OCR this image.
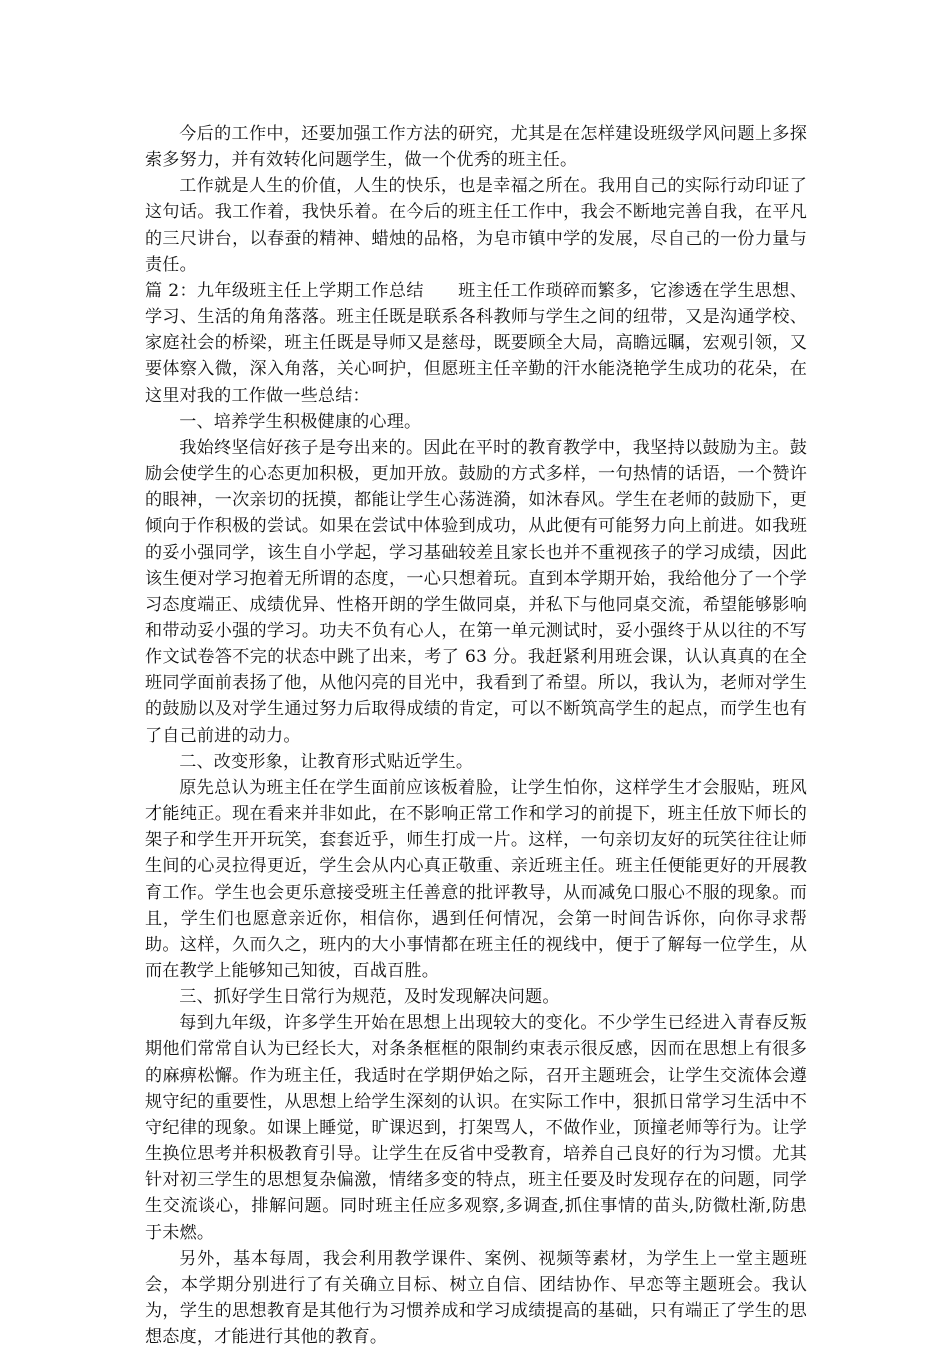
今后的工作中，还要加强工作方法的研究，尤其是在怎样建设班级学风问题上多探索多努力，并有效转化问题学生，做一个优秀的班主任。

工作就是人生的价值，人生的快乐，也是幸福之所在。我用自己的实际行动印证了这句话。我工作着，我快乐着。在今后的班主任工作中，我会不断地完善自我，在平凡的三尺讲台，以春蚕的精神、蜡烛的品格，为皂市镇中学的发展，尽自己的一份力量与责任。

篇 2：九年级班主任上学期工作总结 班主任工作琐碎而繁多，它渗透在学生思想、学习、生活的角角落落。班主任既是联系各科教师与学生之间的纽带，又是沟通学校、家庭社会的桥梁，班主任既是导师又是慈母，既要顾全大局，高瞻远瞩，宏观引领，又要体察入微，深入角落，关心呵护，但愿班主任辛勤的汗水能浇艳学生成功的花朵，在这里对我的工作做一些总结：

一、培养学生积极健康的心理。

我始终坚信好孩子是夸出来的。因此在平时的教育教学中，我坚持以鼓励为主。鼓励会使学生的心态更加积极，更加开放。鼓励的方式多样，一句热情的话语，一个赞许的眼神，一次亲切的抚摸，都能让学生心荡涟漪，如沐春风。学生在老师的鼓励下，更倾向于作积极的尝试。如果在尝试中体验到成功，从此便有可能努力向上前进。如我班的妥小强同学，该生自小学起，学习基础较差且家长也并不重视孩子的学习成绩，因此该生便对学习抱着无所谓的态度，一心只想着玩。直到本学期开始，我给他分了一个学习态度端正、成绩优异、性格开朗的学生做同桌，并私下与他同桌交流，希望能够影响和带动妥小强的学习。功夫不负有心人，在第一单元测试时，妥小强终于从以往的不写作文试卷答不完的状态中跳了出来，考了 63 分。我赶紧利用班会课，认认真真的在全班同学面前表扬了他，从他闪亮的目光中，我看到了希望。所以，我认为，老师对学生的鼓励以及对学生通过努力后取得成绩的肯定，可以不断筑高学生的起点，而学生也有了自己前进的动力。

二、改变形象，让教育形式贴近学生。

原先总认为班主任在学生面前应该板着脸，让学生怕你，这样学生才会服贴，班风才能纯正。现在看来并非如此，在不影响正常工作和学习的前提下，班主任放下师长的架子和学生开开玩笑，套套近乎，师生打成一片。这样，一句亲切友好的玩笑往往让师生间的心灵拉得更近，学生会从内心真正敬重、亲近班主任。班主任便能更好的开展教育工作。学生也会更乐意接受班主任善意的批评教导，从而减免口服心不服的现象。而且，学生们也愿意亲近你，相信你，遇到任何情况，会第一时间告诉你，向你寻求帮助。这样，久而久之，班内的大小事情都在班主任的视线中，便于了解每一位学生，从而在教学上能够知己知彼，百战百胜。

三、抓好学生日常行为规范，及时发现解决问题。

每到九年级，许多学生开始在思想上出现较大的变化。不少学生已经进入青春反叛期他们常常自认为已经长大，对条条框框的限制约束表示很反感，因而在思想上有很多的麻痹松懈。作为班主任，我适时在学期伊始之际，召开主题班会，让学生交流体会遵规守纪的重要性，从思想上给学生深刻的认识。在实际工作中，狠抓日常学习生活中不守纪律的现象。如课上睡觉，旷课迟到，打架骂人，不做作业，顶撞老师等行为。让学生换位思考并积极教育引导。让学生在反省中受教育，培养自己良好的行为习惯。尤其针对初三学生的思想复杂偏激，情绪多变的特点，班主任要及时发现存在的问题，同学生交流谈心，排解问题。同时班主任应多观察,多调查,抓住事情的苗头,防微杜渐,防患于未燃。

另外，基本每周，我会利用教学课件、案例、视频等素材，为学生上一堂主题班会，本学期分别进行了有关确立目标、树立自信、团结协作、早恋等主题班会。我认为，学生的思想教育是其他行为习惯养成和学习成绩提高的基础，只有端正了学生的思想态度，才能进行其他的教育。
